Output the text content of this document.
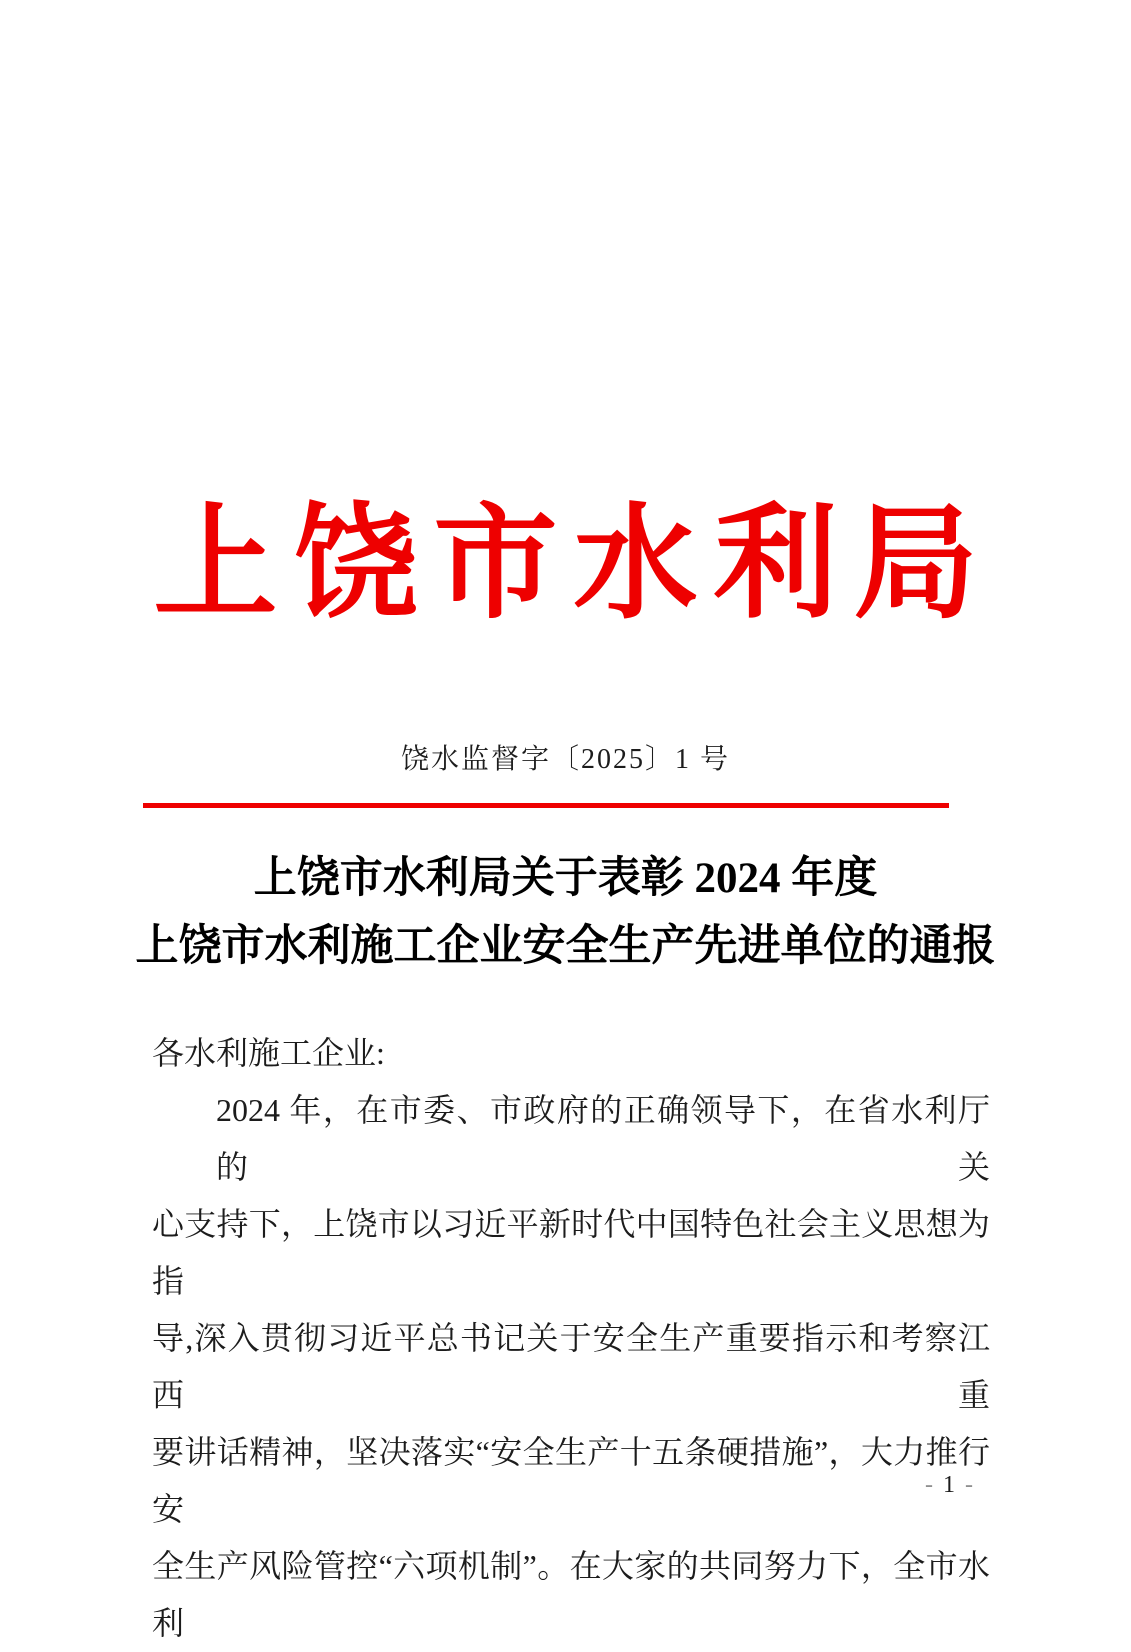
上饶市水利局
饶水监督字〔2025〕1 号
上饶市水利局关于表彰 2024 年度
上饶市水利施工企业安全生产先进单位的通报
各水利施工企业:
2024 年，在市委、市政府的正确领导下，在省水利厅的关
心支持下，上饶市以习近平新时代中国特色社会主义思想为指
导,深入贯彻习近平总书记关于安全生产重要指示和考察江西重
要讲话精神，坚决落实“安全生产十五条硬措施”，大力推行安
全生产风险管控“六项机制”。在大家的共同努力下，全市水利
- 1 -
